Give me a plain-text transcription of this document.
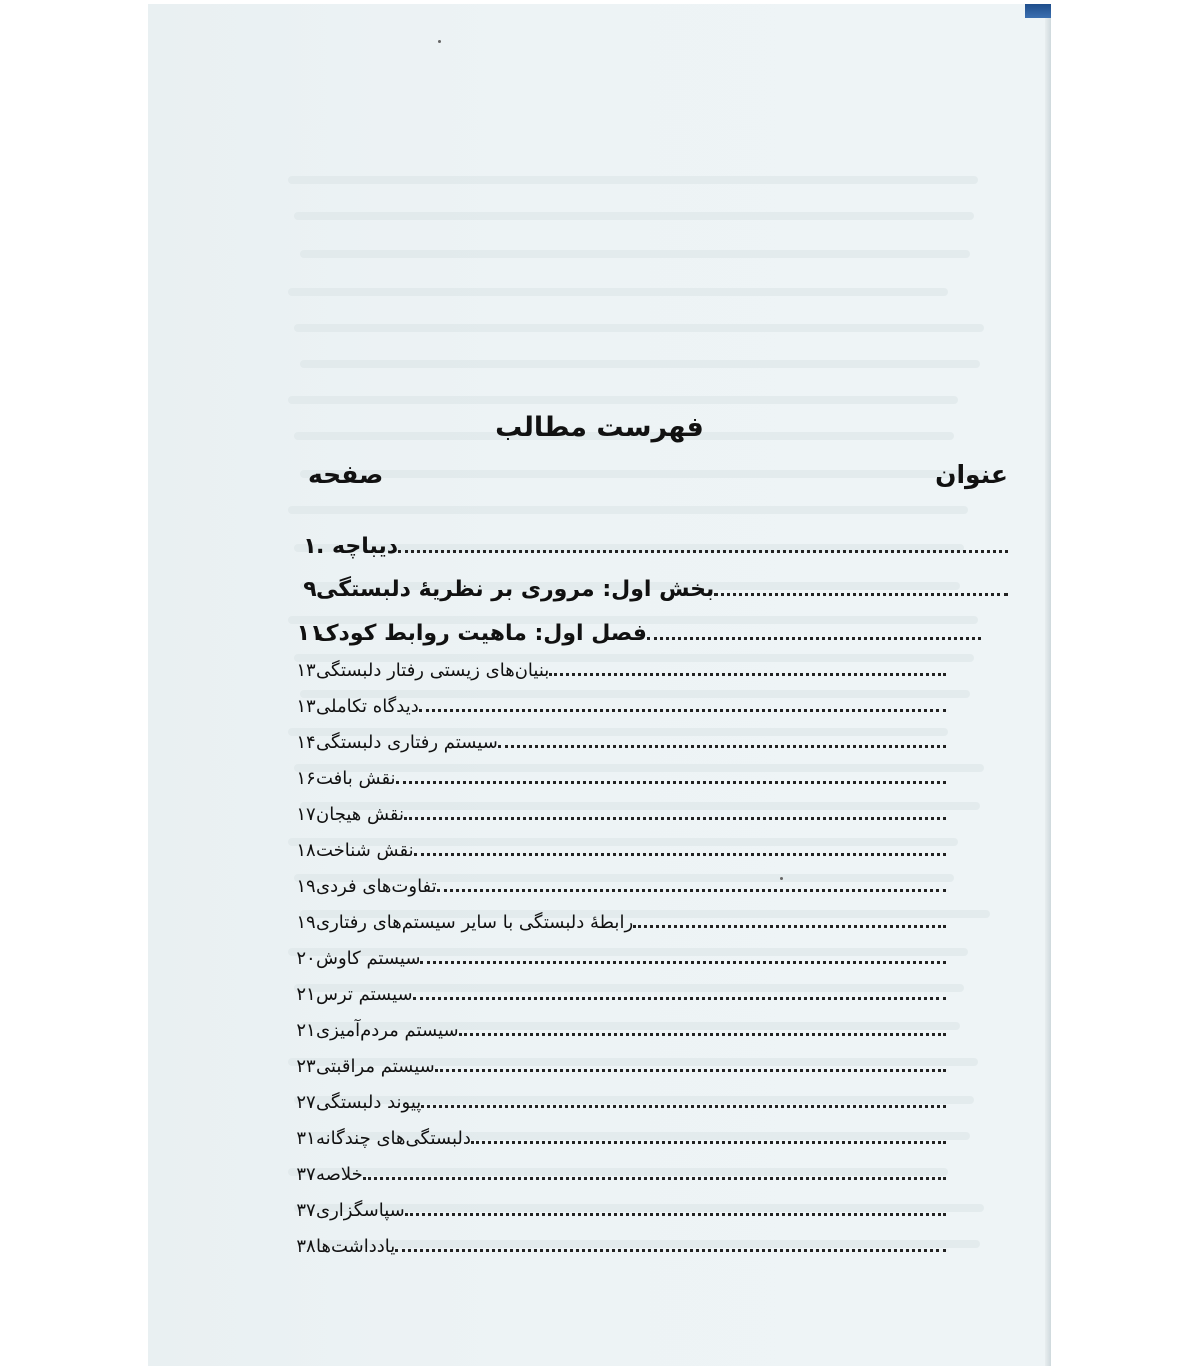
فهرست مطالب
عنوان
صفحه
دیباچه .
۱
بخش اول: مروری بر نظریهٔ دلبستگی
۹
فصل اول: ماهیت روابط کودک
۱۱
بنیان‌های زیستی رفتار دلبستگی
۱۳
دیدگاه تکاملی
۱۳
سیستم رفتاری دلبستگی
۱۴
نقش بافت
۱۶
نقش هیجان
۱۷
نقش شناخت
۱۸
تفاوت‌های فردی
۱۹
رابطهٔ دلبستگی با سایر سیستم‌های رفتاری
۱۹
سیستم کاوش
۲۰
سیستم ترس
۲۱
سیستم مردم‌آمیزی
۲۱
سیستم مراقبتی
۲۳
پیوند دلبستگی
۲۷
دلبستگی‌های چندگانه
۳۱
خلاصه
۳۷
سپاسگزاری
۳۷
یادداشت‌ها
۳۸
